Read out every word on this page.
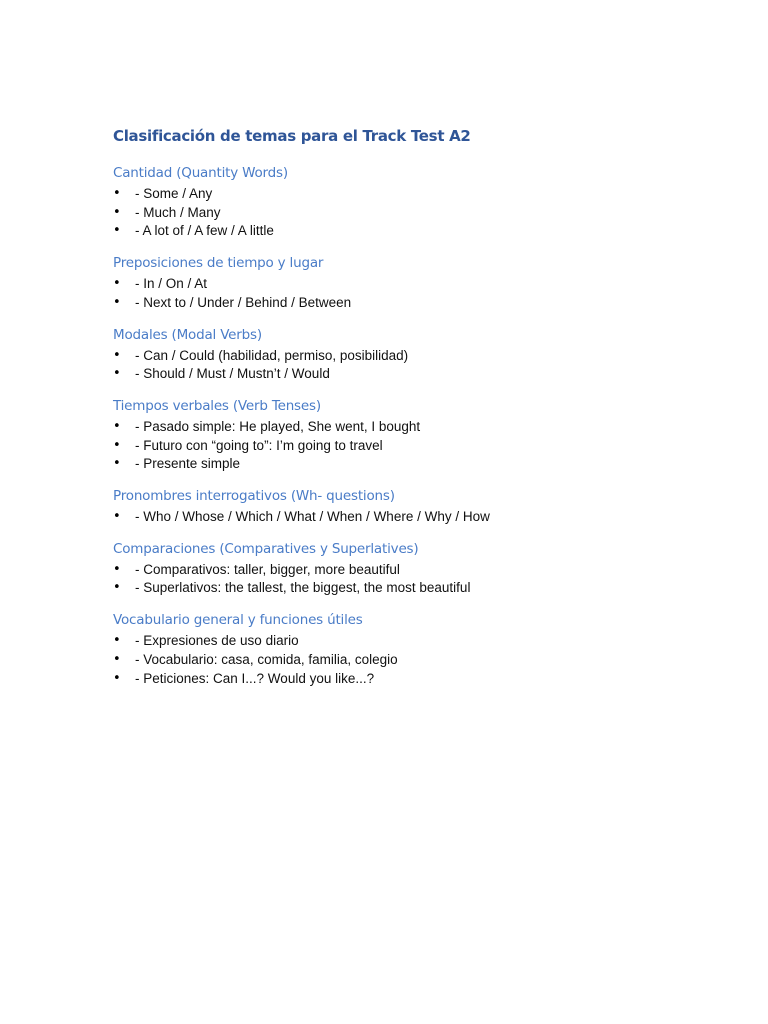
Clasificación de temas para el Track Test A2
Cantidad (Quantity Words)
• - Some / Any
• - Much / Many
• - A lot of / A few / A little
Preposiciones de tiempo y lugar
• - In / On / At
• - Next to / Under / Behind / Between
Modales (Modal Verbs)
• - Can / Could (habilidad, permiso, posibilidad)
• - Should / Must / Mustn’t / Would
Tiempos verbales (Verb Tenses)
• - Pasado simple: He played, She went, I bought
• - Futuro con “going to”: I’m going to travel
• - Presente simple
Pronombres interrogativos (Wh- questions)
• - Who / Whose / Which / What / When / Where / Why / How
Comparaciones (Comparatives y Superlatives)
• - Comparativos: taller, bigger, more beautiful
• - Superlativos: the tallest, the biggest, the most beautiful
Vocabulario general y funciones útiles
• - Expresiones de uso diario
• - Vocabulario: casa, comida, familia, colegio
• - Peticiones: Can I...? Would you like...?
